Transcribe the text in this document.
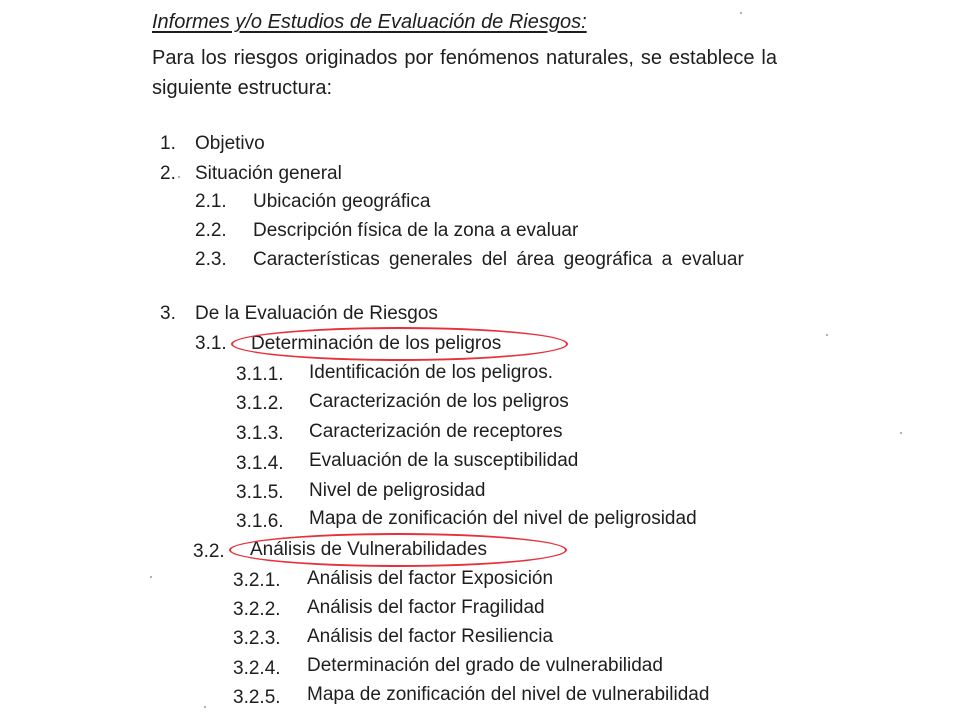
Informes y/o Estudios de Evaluación de Riesgos:
Para los riesgos originados por fenómenos naturales, se establece la siguiente estructura:
1. Objetivo
2. Situación general
2.1. Ubicación geográfica
2.2. Descripción física de la zona a evaluar
2.3. Características generales del área geográfica a evaluar
3. De la Evaluación de Riesgos
3.1. Determinación de los peligros
3.1.1. Identificación de los peligros.
3.1.2. Caracterización de los peligros
3.1.3. Caracterización de receptores
3.1.4. Evaluación de la susceptibilidad
3.1.5. Nivel de peligrosidad
3.1.6. Mapa de zonificación del nivel de peligrosidad
3.2. Análisis de Vulnerabilidades
3.2.1. Análisis del factor Exposición
3.2.2. Análisis del factor Fragilidad
3.2.3. Análisis del factor Resiliencia
3.2.4. Determinación del grado de vulnerabilidad
3.2.5. Mapa de zonificación del nivel de vulnerabilidad
